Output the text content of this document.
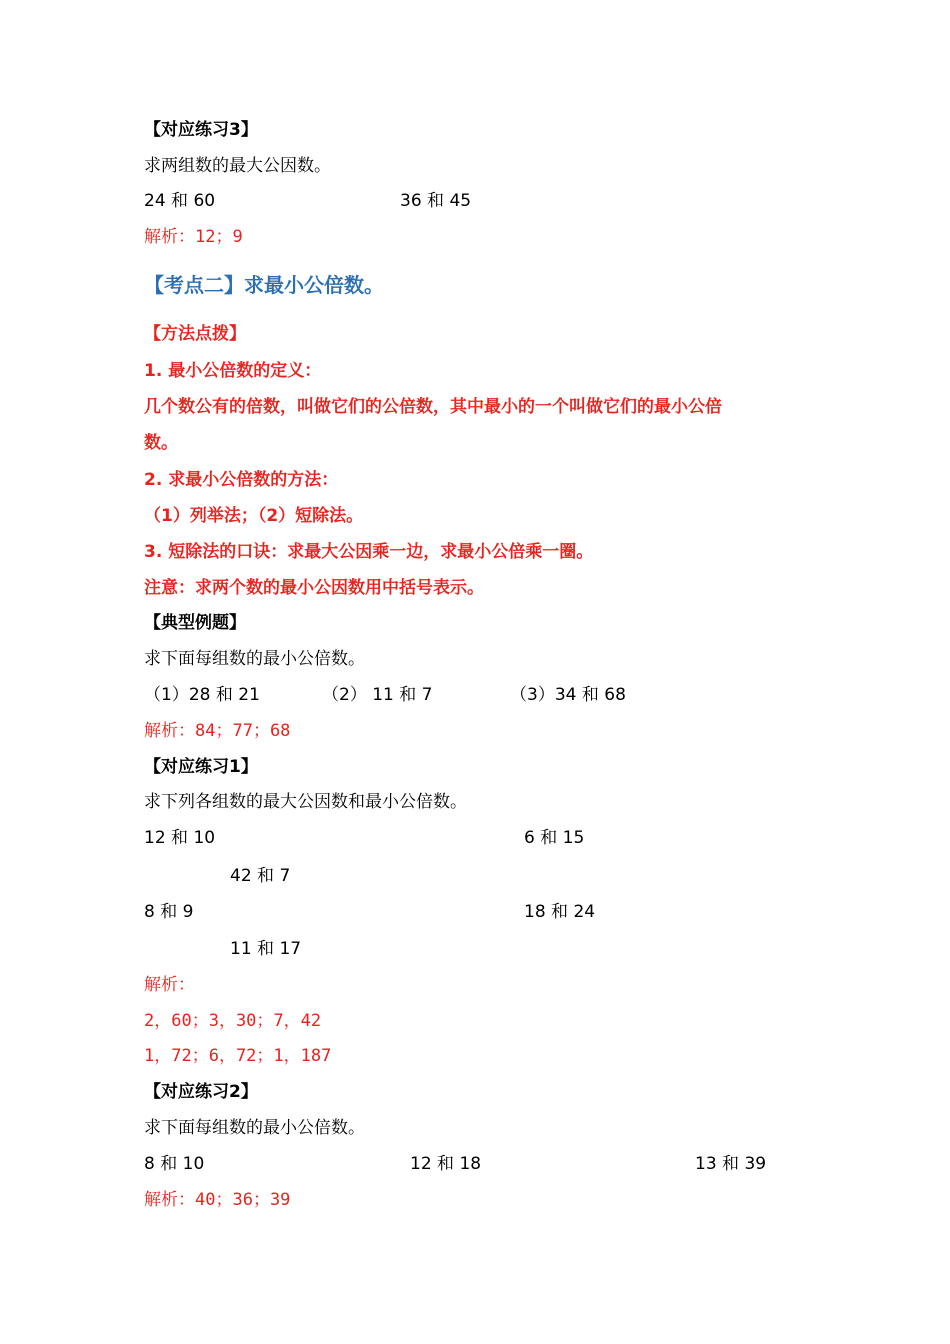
【对应练习3】
求两组数的最大公因数。
24 和 60	36 和 45
解析：12；9
【考点二】求最小公倍数。
【方法点拨】
1. 最小公倍数的定义：
几个数公有的倍数，叫做它们的公倍数，其中最小的一个叫做它们的最小公倍
数。
2. 求最小公倍数的方法：
（1）列举法；（2）短除法。
3. 短除法的口诀：求最大公因乘一边，求最小公倍乘一圈。
注意：求两个数的最小公因数用中括号表示。
【典型例题】
求下面每组数的最小公倍数。
（1）28 和 21	（2） 11 和 7	（3）34 和 68
解析：84；77；68
【对应练习1】
求下列各组数的最大公因数和最小公倍数。
12 和 10	6 和 15
42 和 7
8 和 9	18 和 24
11 和 17
解析：
2，60；3，30；7，42
1，72；6，72；1，187
【对应练习2】
求下面每组数的最小公倍数。
8 和 10	12 和 18	13 和 39
解析：40；36；39
